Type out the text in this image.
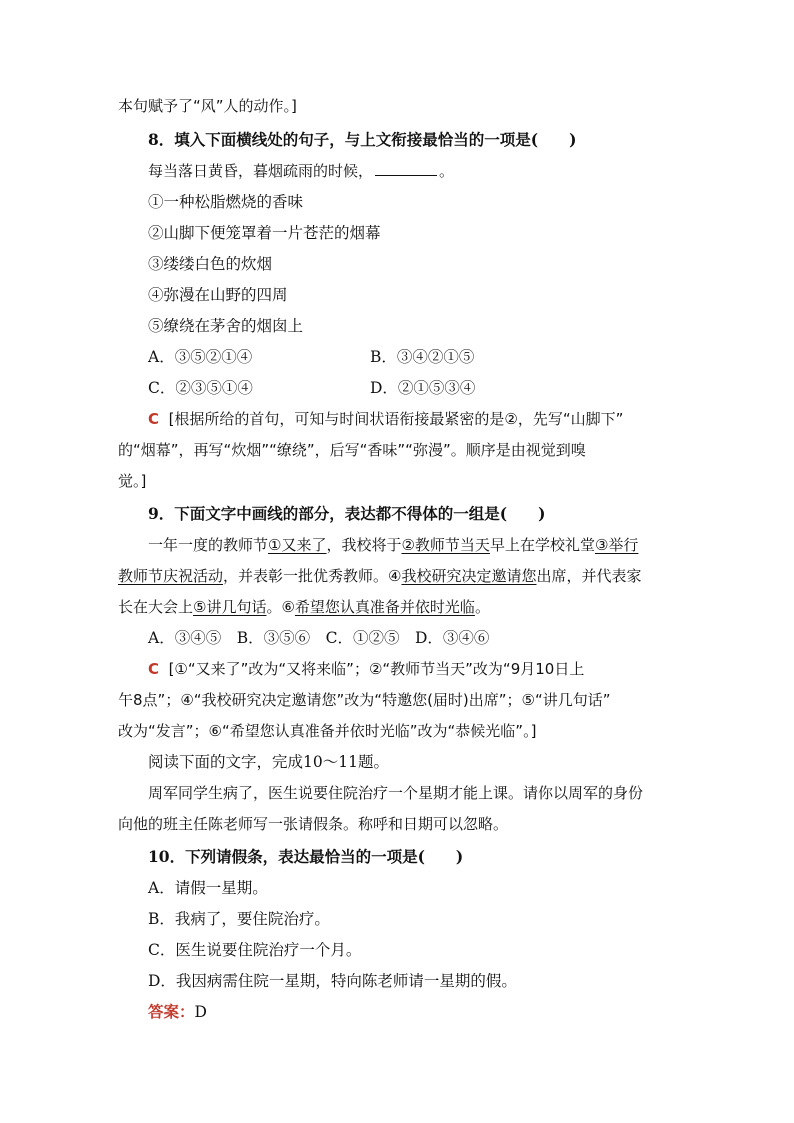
本句赋予了“风”人的动作。]
8．填入下面横线处的句子，与上文衔接最恰当的一项是(　　)
每当落日黄昏，暮烟疏雨的时候，	。
①一种松脂燃烧的香味
②山脚下便笼罩着一片苍茫的烟幕
③缕缕白色的炊烟
④弥漫在山野的四周
⑤缭绕在茅舍的烟囱上
A．③⑤②①④	B．③④②①⑤
C．②③⑤①④	D．②①⑤③④
C [根据所给的首句，可知与时间状语衔接最紧密的是②，先写“山脚下”
的“烟幕”，再写“炊烟”“缭绕”，后写“香味”“弥漫”。顺序是由视觉到嗅
觉。]
9．下面文字中画线的部分，表达都不得体的一组是(　　)
一年一度的教师节①又来了，我校将于②教师节当天早上在学校礼堂③举行
教师节庆祝活动，并表彰一批优秀教师。④我校研究决定邀请您出席，并代表家
长在大会上⑤讲几句话。⑥希望您认真准备并依时光临。
A．③④⑤　B．③⑤⑥　C．①②⑤　D．③④⑥
C [①“又来了”改为“又将来临”；②“教师节当天”改为“9月10日上
午8点”；④“我校研究决定邀请您”改为“特邀您(届时)出席”；⑤“讲几句话”
改为“发言”；⑥“希望您认真准备并依时光临”改为“恭候光临”。]
阅读下面的文字，完成10～11题。
周军同学生病了，医生说要住院治疗一个星期才能上课。请你以周军的身份
向他的班主任陈老师写一张请假条。称呼和日期可以忽略。
10．下列请假条，表达最恰当的一项是(　　)
A．请假一星期。
B．我病了，要住院治疗。
C．医生说要住院治疗一个月。
D．我因病需住院一星期，特向陈老师请一星期的假。
答案：D
